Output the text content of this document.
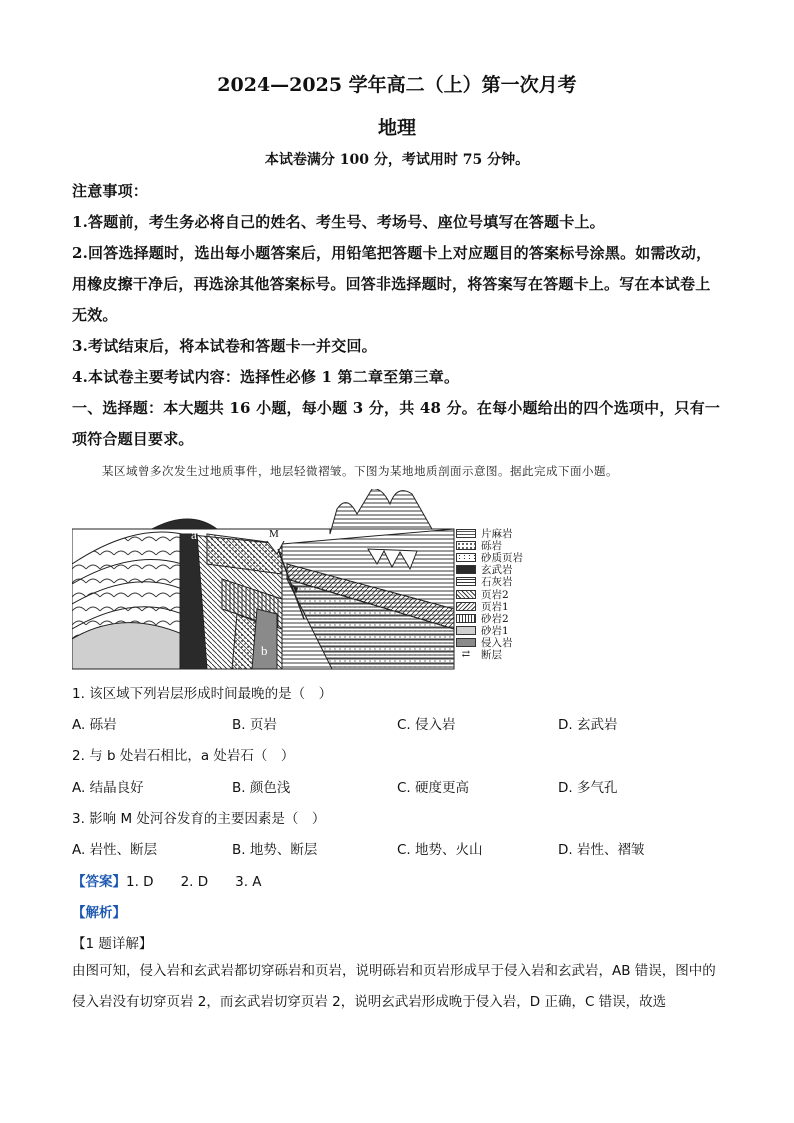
2024—2025 学年高二（上）第一次月考
地理
本试卷满分 100 分，考试用时 75 分钟。
注意事项：
1.答题前，考生务必将自己的姓名、考生号、考场号、座位号填写在答题卡上。
2.回答选择题时，选出每小题答案后，用铅笔把答题卡上对应题目的答案标号涂黑。如需改动，用橡皮擦干净后，再选涂其他答案标号。回答非选择题时，将答案写在答题卡上。写在本试卷上无效。
3.考试结束后，将本试卷和答题卡一并交回。
4.本试卷主要考试内容：选择性必修 1 第二章至第三章。
一、选择题：本大题共 16 小题，每小题 3 分，共 48 分。在每小题给出的四个选项中，只有一项符合题目要求。
某区域曾多次发生过地质事件，地层轻微褶皱。下图为某地地质剖面示意图。据此完成下面小题。
a
b
M	片麻岩
砾岩
砂质页岩
玄武岩
石灰岩
页岩2
页岩1
砂岩2
砂岩1
侵入岩
⇄	断层
1. 该区域下列岩层形成时间最晚的是（　）
A. 砾岩	B. 页岩	C. 侵入岩	D. 玄武岩
2. 与 b 处岩石相比，a 处岩石（　）
A. 结晶良好	B. 颜色浅	C. 硬度更高	D. 多气孔
3. 影响 M 处河谷发育的主要因素是（　）
A. 岩性、断层	B. 地势、断层	C. 地势、火山	D. 岩性、褶皱
【答案】1. D　　2. D　　3. A
【解析】
【1 题详解】
由图可知，侵入岩和玄武岩都切穿砾岩和页岩，说明砾岩和页岩形成早于侵入岩和玄武岩，AB 错误，图中的侵入岩没有切穿页岩 2，而玄武岩切穿页岩 2，说明玄武岩形成晚于侵入岩，D 正确，C 错误，故选
